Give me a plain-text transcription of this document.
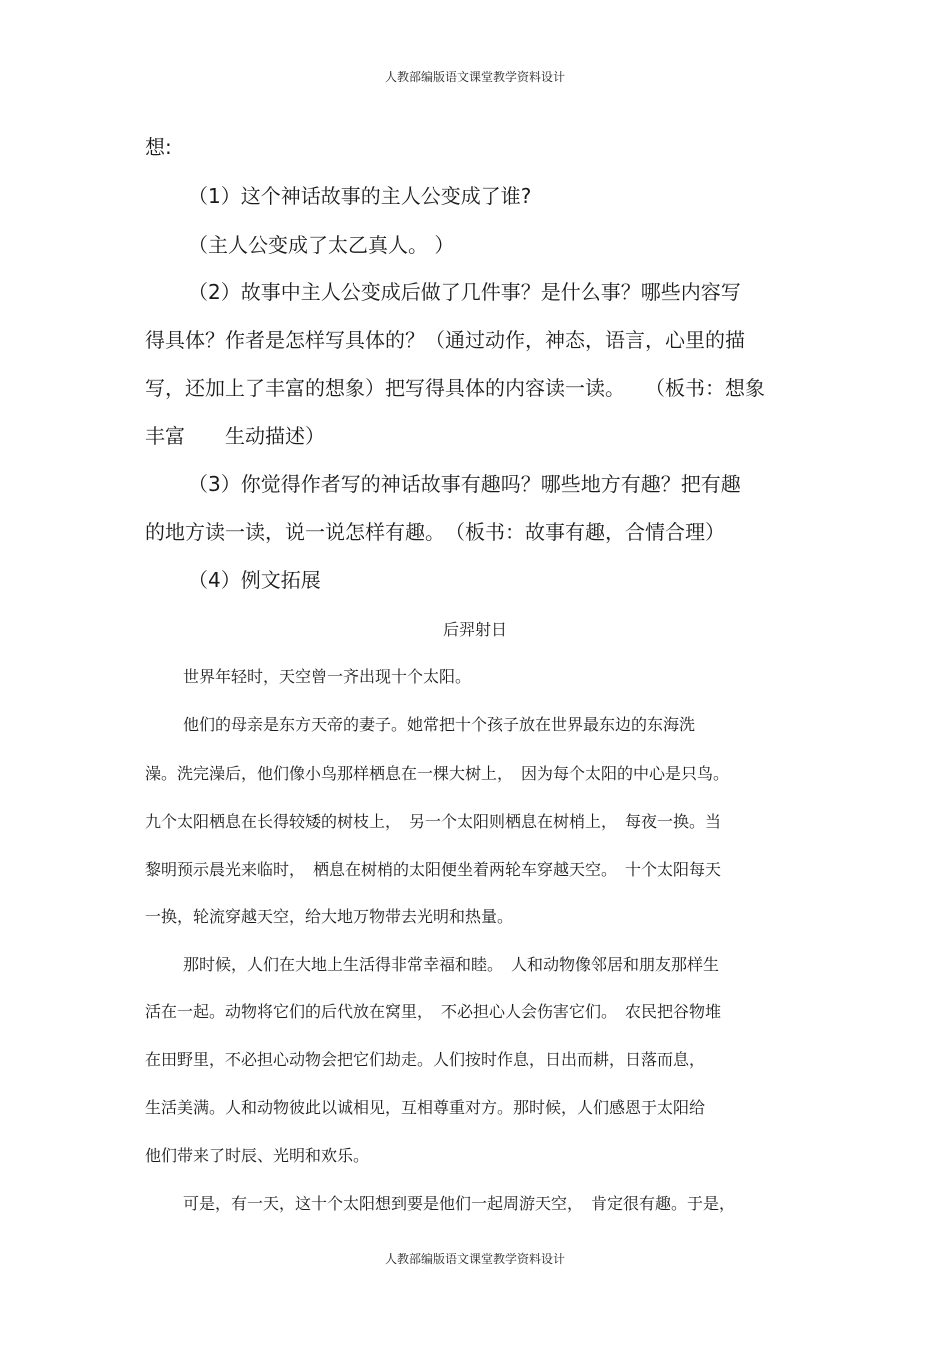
人教部编版语文课堂教学资料设计
想:
（1）这个神话故事的主人公变成了谁?
（主人公变成了太乙真人。 ）
（2）故事中主人公变成后做了几件事？是什么事？哪些内容写
得具体？作者是怎样写具体的？（通过动作，神态，语言，心里的描
写，还加上了丰富的想象）把写得具体的内容读一读。　　（板书：想象
丰富　　生动描述）
（3）你觉得作者写的神话故事有趣吗？哪些地方有趣？把有趣
的地方读一读，说一说怎样有趣。　（板书：故事有趣，合情合理）
（4）例文拓展
后羿射日
世界年轻时，天空曾一齐出现十个太阳。
他们的母亲是东方天帝的妻子。她常把十个孩子放在世界最东边的东海洗
澡。洗完澡后，他们像小鸟那样栖息在一棵大树上，　因为每个太阳的中心是只鸟。
九个太阳栖息在长得较矮的树枝上，　另一个太阳则栖息在树梢上，　每夜一换。当
黎明预示晨光来临时，　栖息在树梢的太阳便坐着两轮车穿越天空。　十个太阳每天
一换，轮流穿越天空，给大地万物带去光明和热量。
那时候，人们在大地上生活得非常幸福和睦。　人和动物像邻居和朋友那样生
活在一起。动物将它们的后代放在窝里，　不必担心人会伤害它们。　农民把谷物堆
在田野里，不必担心动物会把它们劫走。人们按时作息，日出而耕，日落而息，
生活美满。人和动物彼此以诚相见，互相尊重对方。那时候，人们感恩于太阳给
他们带来了时辰、光明和欢乐。
可是，有一天，这十个太阳想到要是他们一起周游天空，　肯定很有趣。于是，
人教部编版语文课堂教学资料设计
